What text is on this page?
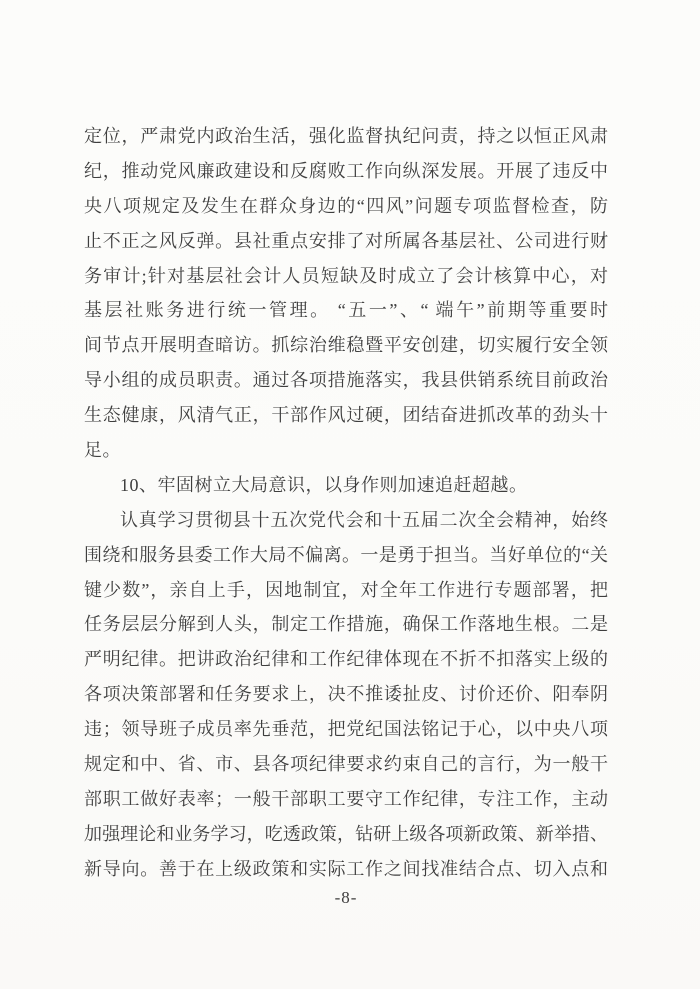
定位，严肃党内政治生活，强化监督执纪问责，持之以恒正风肃
纪，推动党风廉政建设和反腐败工作向纵深发展。开展了违反中
央八项规定及发生在群众身边的“四风”问题专项监督检查，防
止不正之风反弹。县社重点安排了对所属各基层社、公司进行财
务审计;针对基层社会计人员短缺及时成立了会计核算中心，对
基层社账务进行统一管理。 “五一”、“ 端午”前期等重要时
间节点开展明查暗访。抓综治维稳暨平安创建，切实履行安全领
导小组的成员职责。通过各项措施落实，我县供销系统目前政治
生态健康，风清气正，干部作风过硬，团结奋进抓改革的劲头十
足。
10、牢固树立大局意识，以身作则加速追赶超越。
认真学习贯彻县十五次党代会和十五届二次全会精神，始终
围绕和服务县委工作大局不偏离。一是勇于担当。当好单位的“关
键少数”，亲自上手，因地制宜，对全年工作进行专题部署，把
任务层层分解到人头，制定工作措施，确保工作落地生根。二是
严明纪律。把讲政治纪律和工作纪律体现在不折不扣落实上级的
各项决策部署和任务要求上，决不推诿扯皮、讨价还价、阳奉阴
违；领导班子成员率先垂范，把党纪国法铭记于心，以中央八项
规定和中、省、市、县各项纪律要求约束自己的言行，为一般干
部职工做好表率；一般干部职工要守工作纪律，专注工作，主动
加强理论和业务学习，吃透政策，钻研上级各项新政策、新举措、
新导向。善于在上级政策和实际工作之间找准结合点、切入点和
-8-
